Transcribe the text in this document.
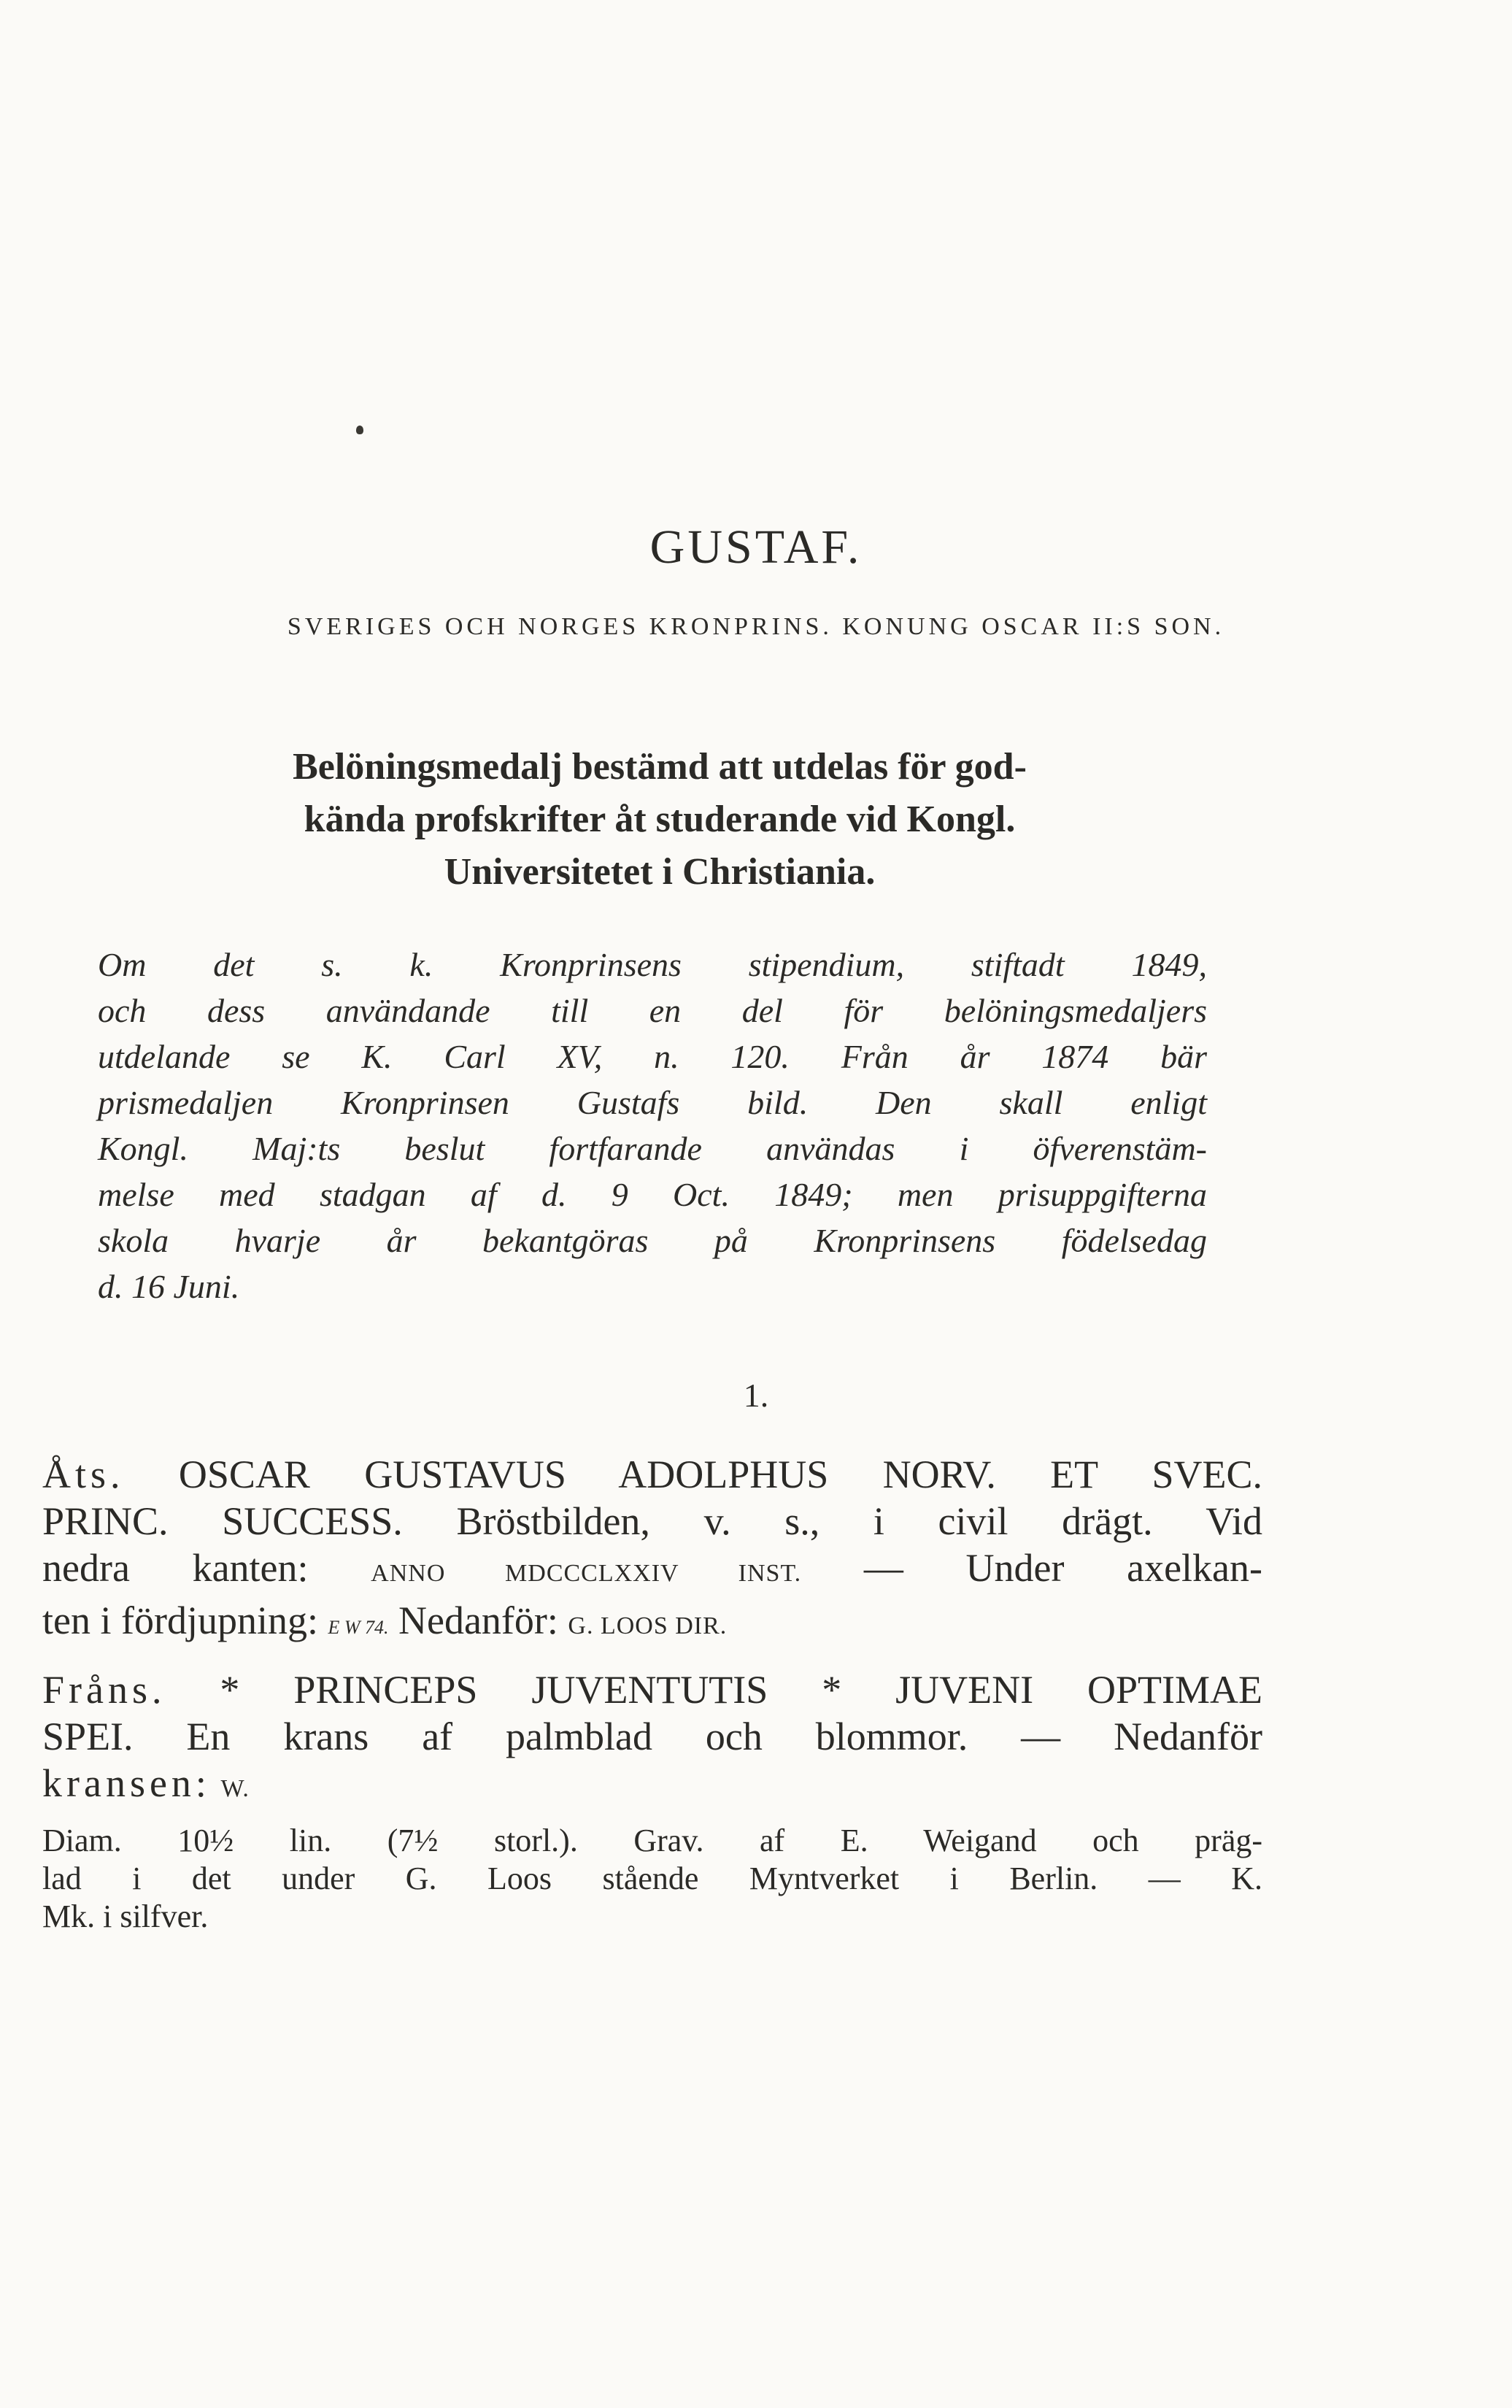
GUSTAF.
SVERIGES OCH NORGES KRONPRINS. KONUNG OSCAR II:S SON.
Belöningsmedalj bestämd att utdelas för god-
kända profskrifter åt studerande vid Kongl.
Universitetet i Christiania.
Om det s. k. Kronprinsens stipendium, stiftadt 1849,
och dess användande till en del för belöningsmedaljers
utdelande se K. Carl XV, n. 120. Från år 1874 bär
prismedaljen Kronprinsen Gustafs bild. Den skall enligt
Kongl. Maj:ts beslut fortfarande användas i öfverenstäm-
melse med stadgan af d. 9 Oct. 1849; men prisuppgifterna
skola hvarje år bekantgöras på Kronprinsens födelsedag
d. 16 Juni.
1.
Åts. OSCAR GUSTAVUS ADOLPHUS NORV. ET SVEC.
PRINC. SUCCESS. Bröstbilden, v. s., i civil drägt. Vid
nedra kanten:	ANNO MDCCCLXXIV INST. — Under axelkan-
ten i fördjupning: E W 74. Nedanför: G. LOOS DIR.
Fråns. * PRINCEPS JUVENTUTIS * JUVENI OPTIMAE
SPEI. En krans af palmblad och blommor. — Nedanför
kransen: W.
Diam. 10½ lin. (7½ storl.). Grav. af E. Weigand och präg-
lad i det under G. Loos stående Myntverket i Berlin. — K.
Mk. i silfver.
